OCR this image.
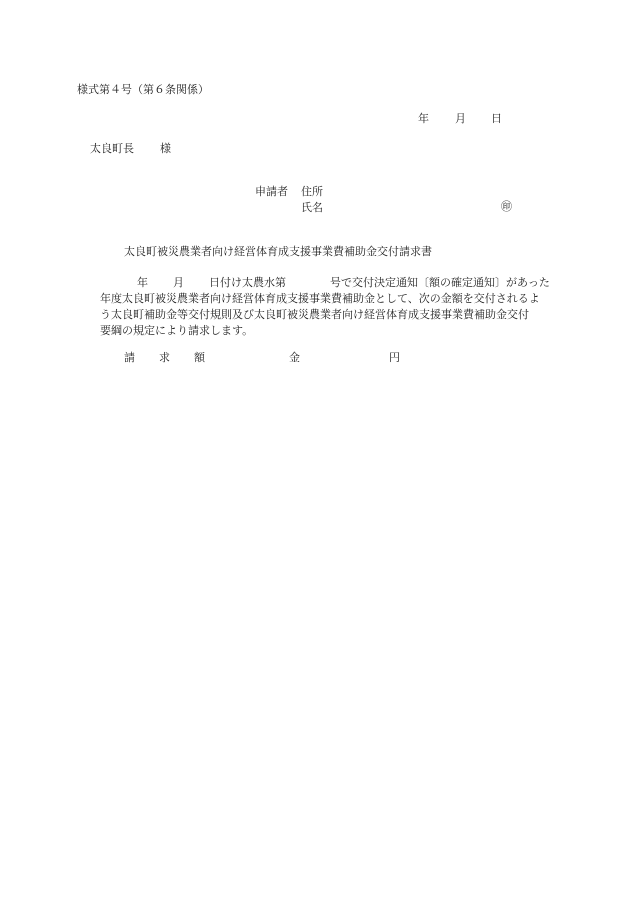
様式第４号（第６条関係）
年 月 日
太良町長 様
申請者 住所
氏名	㊞
太良町被災農業者向け経営体育成支援事業費補助金交付請求書
年 月 日付け太農水第	号で交付決定通知〔額の確定通知〕があった
年度太良町被災農業者向け経営体育成支援事業費補助金として、次の金額を交付されるよ
う太良町補助金等交付規則及び太良町被災農業者向け経営体育成支援事業費補助金交付
要綱の規定により請求します。
請 求 額	金	円
